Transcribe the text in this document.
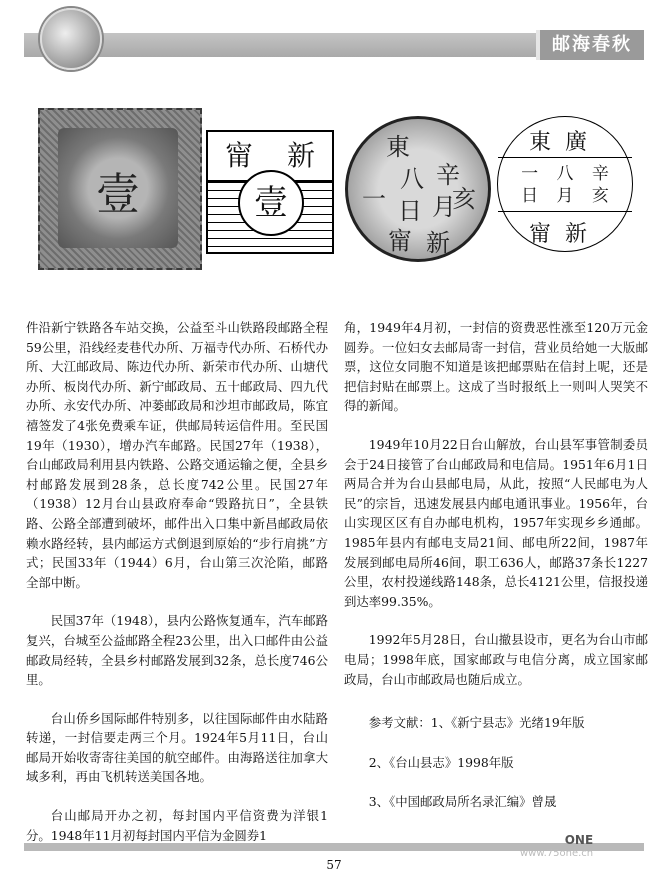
邮海春秋
壹
甯 新
壹
東
八 辛
一 日 月
亥
甯 新
東廣
一	八	辛
日	月	亥
甯新

件沿新宁铁路各车站交换，公益至斗山铁路段邮路全程59公里，沿线经麦巷代办所、万福寺代办所、石桥代办所、大江邮政局、陈边代办所、新荣市代办所、山塘代办所、板岗代办所、新宁邮政局、五十邮政局、四九代办所、永安代办所、冲蒌邮政局和沙坦市邮政局，陈宜禧签发了4张免费乘车证，供邮局转运信件用。至民国19年（1930），增办汽车邮路。民国27年（1938），台山邮政局利用县内铁路、公路交通运输之便，全县乡村邮路发展到28条，总长度742公里。民国27年（1938）12月台山县政府奉命“毁路抗日”，全县铁路、公路全部遭到破坏，邮件出入口集中新昌邮政局依赖水路经转，县内邮运方式倒退到原始的“步行肩挑”方式；民国33年（1944）6月，台山第三次沦陷，邮路全部中断。

民国37年（1948），县内公路恢复通车，汽车邮路复兴，台城至公益邮路全程23公里，出入口邮件由公益邮政局经转，全县乡村邮路发展到32条，总长度746公里。

台山侨乡国际邮件特别多，以往国际邮件由水陆路转递，一封信要走两三个月。1924年5月11日，台山邮局开始收寄寄往美国的航空邮件。由海路送往加拿大域多利，再由飞机转送美国各地。

台山邮局开办之初，每封国内平信资费为洋银1分。1948年11月初每封国内平信为金圆券1

角，1949年4月初，一封信的资费恶性涨至120万元金圆券。一位妇女去邮局寄一封信，营业员给她一大版邮票，这位女同胞不知道是该把邮票贴在信封上呢，还是把信封贴在邮票上。这成了当时报纸上一则叫人哭笑不得的新闻。

1949年10月22日台山解放，台山县军事管制委员会于24日接管了台山邮政局和电信局。1951年6月1日两局合并为台山县邮电局，从此，按照“人民邮电为人民”的宗旨，迅速发展县内邮电通讯事业。1956年，台山实现区区有自办邮电机构，1957年实现乡乡通邮。1985年县内有邮电支局21间、邮电所22间，1987年发展到邮电局所46间，职工636人，邮路37条长1227公里，农村投递线路148条，总长4121公里，信报投递到达率99.35%。

1992年5月28日，台山撤县设市，更名为台山市邮电局；1998年底，国家邮政与电信分离，成立国家邮政局，台山市邮政局也随后成立。

参考文献：1、《新宁县志》光绪19年版
2、《台山县志》1998年版
3、《中国邮政局所名录汇编》曾晟
ONE
www.75one.cn
57
